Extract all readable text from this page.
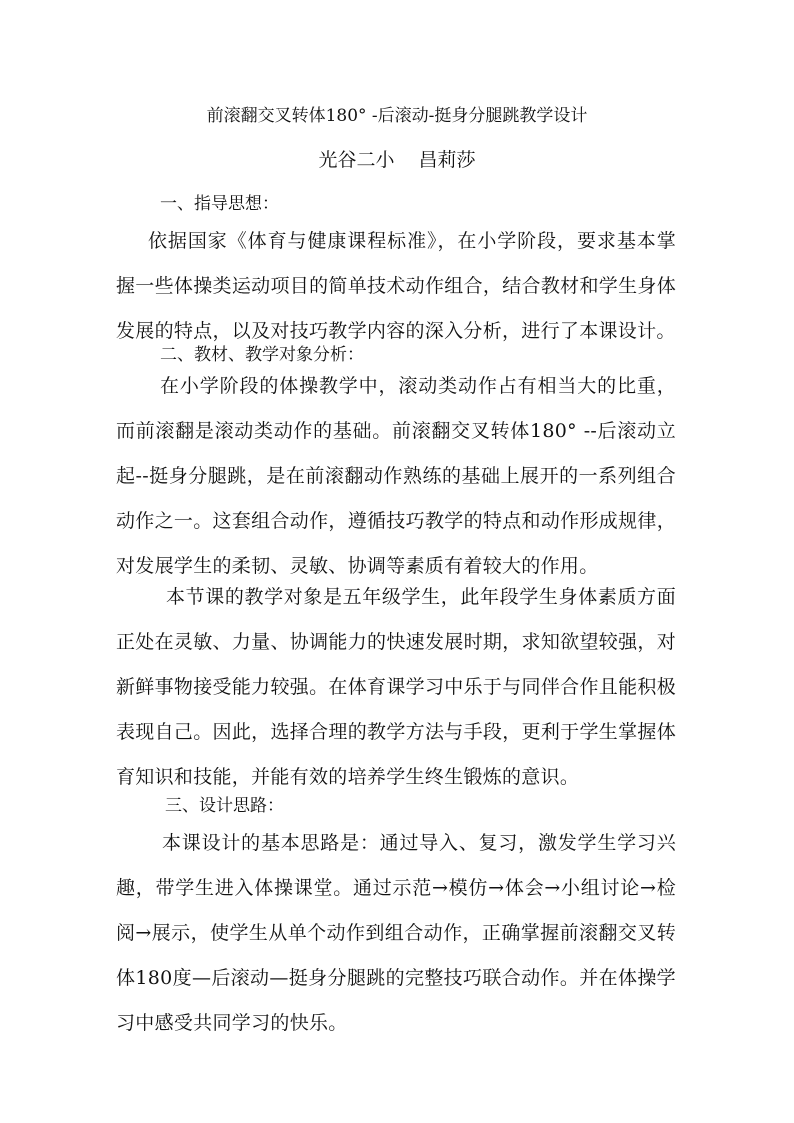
前滚翻交叉转体180° -后滚动-挺身分腿跳教学设计
光谷二小 昌莉莎
一、指导思想：

依据国家《体育与健康课程标准》，在小学阶段，要求基本掌握一些体操类运动项目的简单技术动作组合，结合教材和学生身体发展的特点，以及对技巧教学内容的深入分析，进行了本课设计。

二、教材、教学对象分析：

在小学阶段的体操教学中，滚动类动作占有相当大的比重，而前滚翻是滚动类动作的基础。前滚翻交叉转体180° --后滚动立起--挺身分腿跳，是在前滚翻动作熟练的基础上展开的一系列组合动作之一。这套组合动作，遵循技巧教学的特点和动作形成规律，对发展学生的柔韧、灵敏、协调等素质有着较大的作用。

本节课的教学对象是五年级学生，此年段学生身体素质方面正处在灵敏、力量、协调能力的快速发展时期，求知欲望较强，对新鲜事物接受能力较强。在体育课学习中乐于与同伴合作且能积极表现自己。因此，选择合理的教学方法与手段，更利于学生掌握体育知识和技能，并能有效的培养学生终生锻炼的意识。

三、设计思路：

本课设计的基本思路是：通过导入、复习，激发学生学习兴趣，带学生进入体操课堂。通过示范→模仿→体会→小组讨论→检阅→展示，使学生从单个动作到组合动作，正确掌握前滚翻交叉转体180度—后滚动—挺身分腿跳的完整技巧联合动作。并在体操学习中感受共同学习的快乐。
